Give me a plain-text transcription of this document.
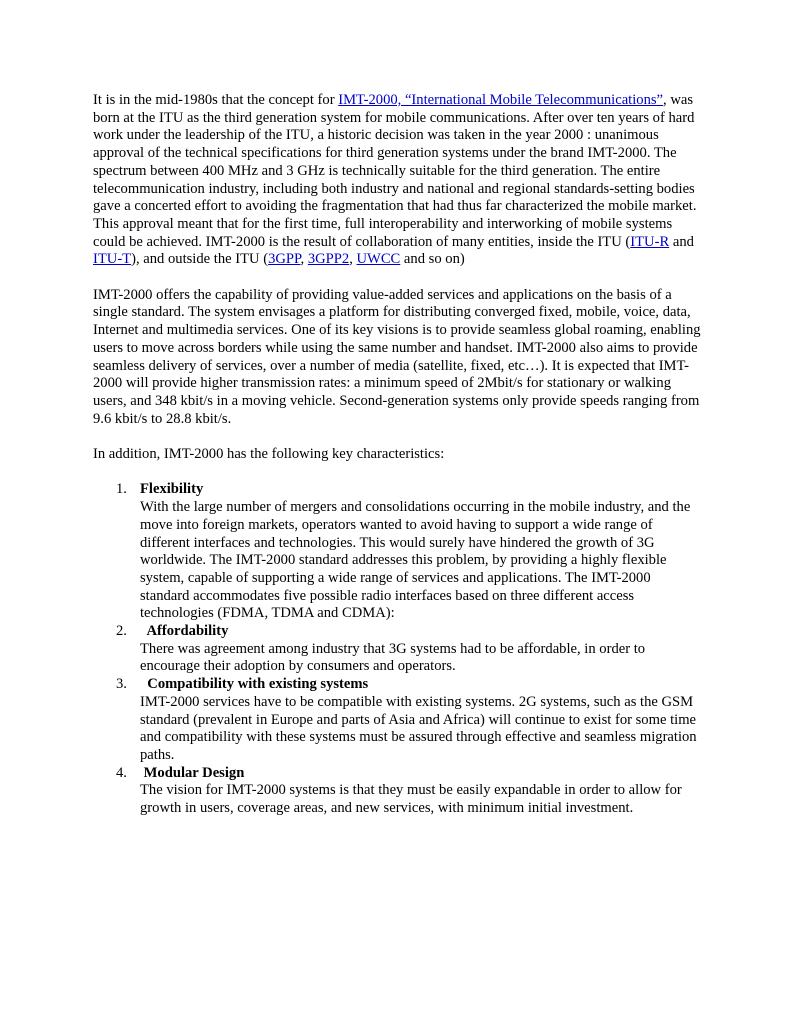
It is in the mid-1980s that the concept for IMT-2000, “International Mobile Telecommunications”, was born at the ITU as the third generation system for mobile communications. After over ten years of hard work under the leadership of the ITU, a historic decision was taken in the year 2000 : unanimous approval of the technical specifications for third generation systems under the brand IMT-2000. The spectrum between 400 MHz and 3 GHz is technically suitable for the third generation. The entire telecommunication industry, including both industry and national and regional standards-setting bodies gave a concerted effort to avoiding the fragmentation that had thus far characterized the mobile market. This approval meant that for the first time, full interoperability and interworking of mobile systems could be achieved. IMT-2000 is the result of collaboration of many entities, inside the ITU (ITU-R and ITU-T), and outside the ITU (3GPP, 3GPP2, UWCC and so on)

IMT-2000 offers the capability of providing value-added services and applications on the basis of a single standard. The system envisages a platform for distributing converged fixed, mobile, voice, data, Internet and multimedia services. One of its key visions is to provide seamless global roaming, enabling users to move across borders while using the same number and handset. IMT-2000 also aims to provide seamless delivery of services, over a number of media (satellite, fixed, etc…). It is expected that IMT-2000 will provide higher transmission rates: a minimum speed of 2Mbit/s for stationary or walking users, and 348 kbit/s in a moving vehicle. Second-generation systems only provide speeds ranging from 9.6 kbit/s to 28.8 kbit/s.

In addition, IMT-2000 has the following key characteristics:

1. Flexibility

With the large number of mergers and consolidations occurring in the mobile industry, and the move into foreign markets, operators wanted to avoid having to support a wide range of different interfaces and technologies. This would surely have hindered the growth of 3G worldwide. The IMT-2000 standard addresses this problem, by providing a highly flexible system, capable of supporting a wide range of services and applications. The IMT-2000 standard accommodates five possible radio interfaces based on three different access technologies (FDMA, TDMA and CDMA):

2. Affordability

There was agreement among industry that 3G systems had to be affordable, in order to encourage their adoption by consumers and operators.

3. Compatibility with existing systems

IMT-2000 services have to be compatible with existing systems. 2G systems, such as the GSM standard (prevalent in Europe and parts of Asia and Africa) will continue to exist for some time and compatibility with these systems must be assured through effective and seamless migration paths.

4. Modular Design

The vision for IMT-2000 systems is that they must be easily expandable in order to allow for growth in users, coverage areas, and new services, with minimum initial investment.
